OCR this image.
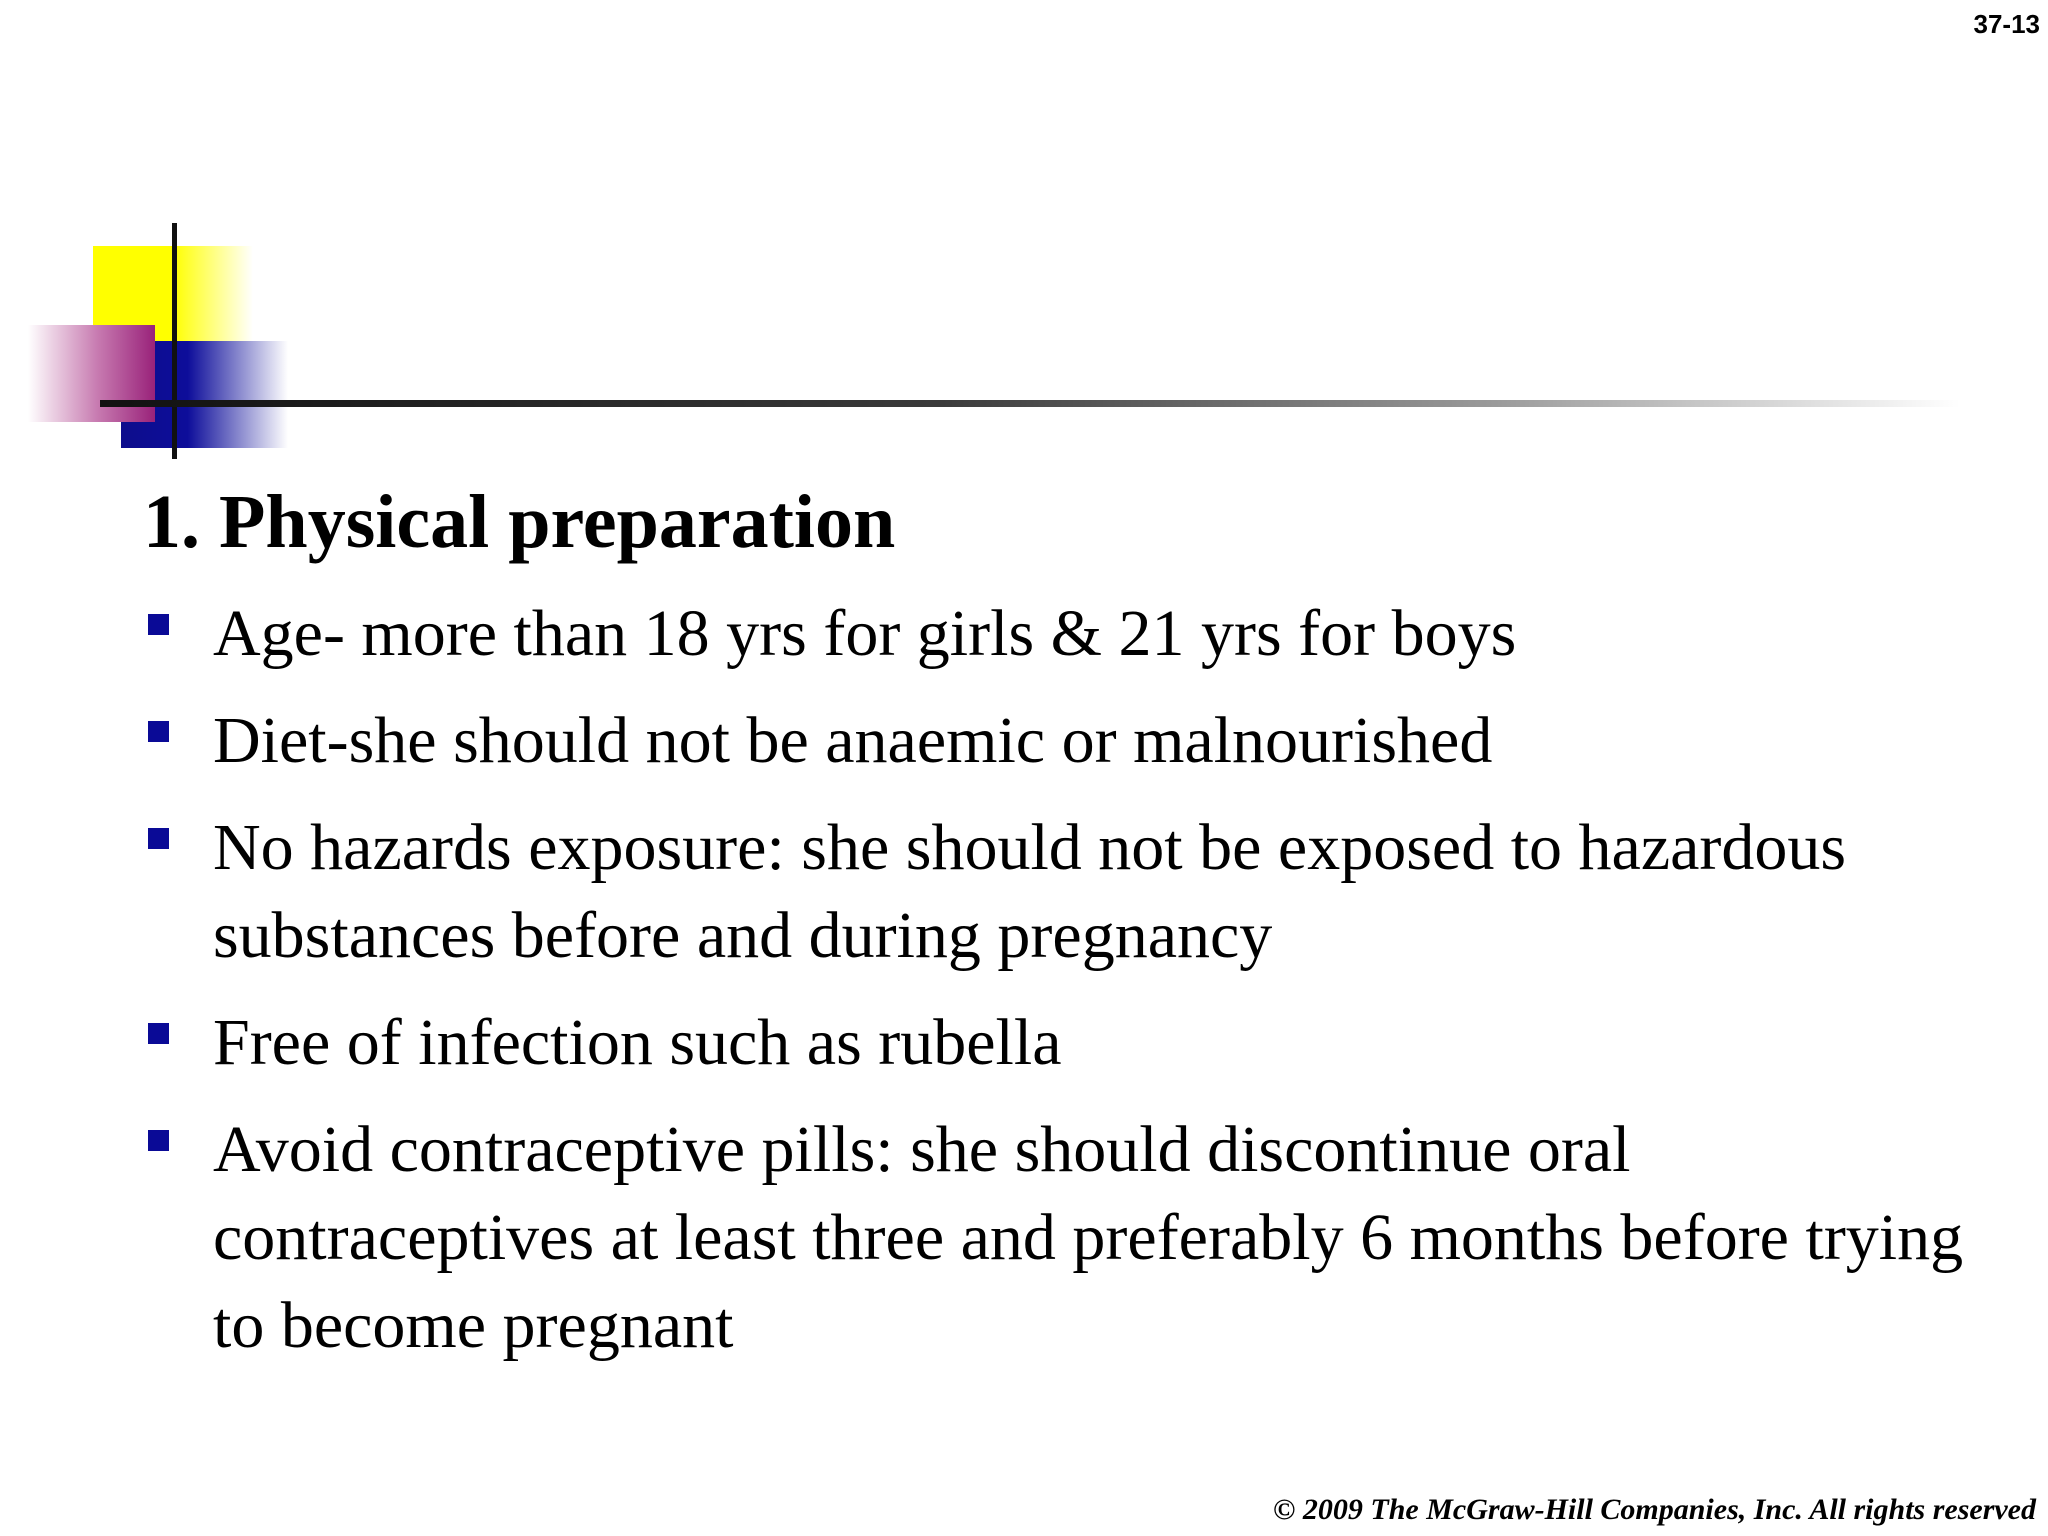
37-13
1. Physical preparation
Age- more than 18 yrs for girls & 21 yrs for boys
Diet-she should not be anaemic or malnourished
No hazards exposure: she should not be exposed to hazardous substances before and during pregnancy
Free of infection such as rubella
Avoid contraceptive pills: she should discontinue oral contraceptives at least three and preferably 6 months before trying to become pregnant
© 2009 The McGraw-Hill Companies, Inc. All rights reserved
